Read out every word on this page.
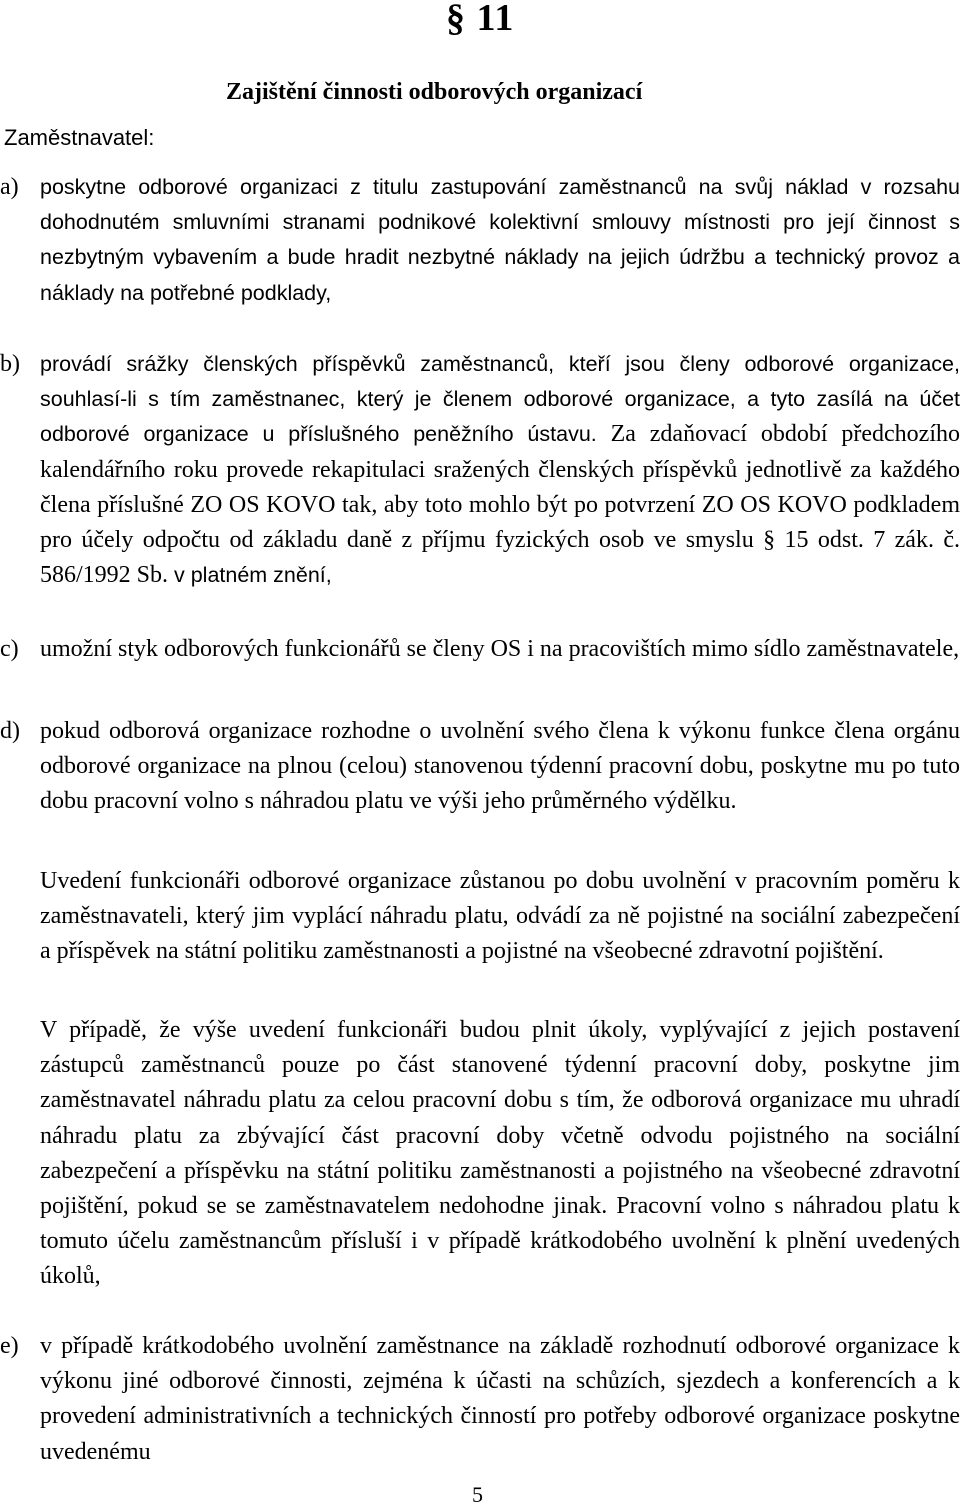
§ 11
Zajištění činnosti odborových organizací
Zaměstnavatel:
a) poskytne odborové organizaci z titulu zastupování zaměstnanců na svůj náklad v rozsahu dohodnutém smluvními stranami podnikové kolektivní smlouvy místnosti pro její činnost s nezbytným vybavením a bude hradit nezbytné náklady na jejich údržbu a technický provoz a náklady na potřebné podklady,
b) provádí srážky členských příspěvků zaměstnanců, kteří jsou členy odborové organizace, souhlasí-li s tím zaměstnanec, který je členem odborové organizace, a tyto zasílá na účet odborové organizace u příslušného peněžního ústavu. Za zdaňovací období předchozího kalendářního roku provede rekapitulaci sražených členských příspěvků jednotlivě za každého člena příslušné ZO OS KOVO tak, aby toto mohlo být po potvrzení ZO OS KOVO podkladem pro účely odpočtu od základu daně z příjmu fyzických osob ve smyslu § 15 odst. 7 zák. č. 586/1992 Sb. v platném znění,
c) umožní styk odborových funkcionářů se členy OS i na pracovištích mimo sídlo zaměstnavatele,
d) pokud odborová organizace rozhodne o uvolnění svého člena k výkonu funkce člena orgánu odborové organizace na plnou (celou) stanovenou týdenní pracovní dobu, poskytne mu po tuto dobu pracovní volno s náhradou platu ve výši jeho průměrného výdělku.
Uvedení funkcionáři odborové organizace zůstanou po dobu uvolnění v pracovním poměru k zaměstnavateli, který jim vyplácí náhradu platu, odvádí za ně pojistné na sociální zabezpečení a příspěvek na státní politiku zaměstnanosti a pojistné na všeobecné zdravotní pojištění.
V případě, že výše uvedení funkcionáři budou plnit úkoly, vyplývající z jejich postavení zástupců zaměstnanců pouze po část stanovené týdenní pracovní doby, poskytne jim zaměstnavatel náhradu platu za celou pracovní dobu s tím, že odborová organizace mu uhradí náhradu platu za zbývající část pracovní doby včetně odvodu pojistného na sociální zabezpečení a příspěvku na státní politiku zaměstnanosti a pojistného na všeobecné zdravotní pojištění, pokud se se zaměstnavatelem nedohodne jinak. Pracovní volno s náhradou platu k tomuto účelu zaměstnancům přísluší i v případě krátkodobého uvolnění k plnění uvedených úkolů,
e) v případě krátkodobého uvolnění zaměstnance na základě rozhodnutí odborové organizace k výkonu jiné odborové činnosti, zejména k účasti na schůzích, sjezdech a konferencích a k provedení administrativních a technických činností pro potřeby odborové organizace poskytne uvedenému
5
